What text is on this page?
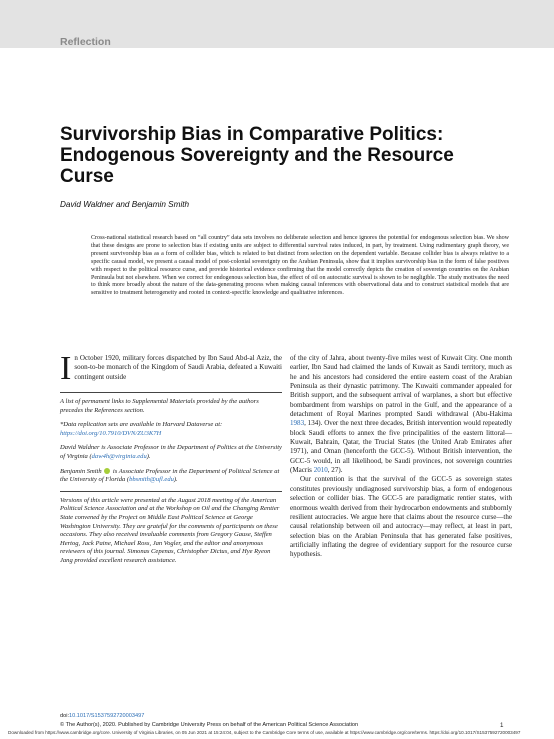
Reflection
Survivorship Bias in Comparative Politics: Endogenous Sovereignty and the Resource Curse
David Waldner and Benjamin Smith
Cross-national statistical research based on “all country” data sets involves no deliberate selection and hence ignores the potential for endogenous selection bias. We show that these designs are prone to selection bias if existing units are subject to differential survival rates induced, in part, by treatment. Using rudimentary graph theory, we present survivorship bias as a form of collider bias, which is related to but distinct from selection on the dependent variable. Because collider bias is always relative to a specific causal model, we present a causal model of post-colonial sovereignty on the Arabian Peninsula, show that it implies survivorship bias in the form of false positives with respect to the political resource curse, and provide historical evidence confirming that the model correctly depicts the creation of sovereign countries on the Arabian Peninsula but not elsewhere. When we correct for endogenous selection bias, the effect of oil on autocratic survival is shown to be negligible. The study motivates the need to think more broadly about the nature of the data-generating process when making causal inferences with observational data and to construct statistical models that are sensitive to treatment heterogeneity and rooted in context-specific knowledge and qualitative inferences.
In October 1920, military forces dispatched by Ibn Saud Abd-al Aziz, the soon-to-be monarch of the Kingdom of Saudi Arabia, defeated a Kuwaiti contingent outside

A list of permanent links to Supplemental Materials provided by the authors precedes the References section.

*Data replication sets are available in Harvard Dataverse at: https://doi.org/10.7910/DVN/ZU3K7H

David Waldner is Associate Professor in the Department of Politics at the University of Virginia (daw4h@virginia.edu).

Benjamin Smith  is Associate Professor in the Department of Political Science at the University of Florida (bbsmith@ufl.edu).

Versions of this article were presented at the August 2018 meeting of the American Political Science Association and at the Workshop on Oil and the Changing Rentier State convened by the Project on Middle East Political Science at George Washington University. They are grateful for the comments of participants on these occasions. They also received invaluable comments from Gregory Gause, Steffen Hertog, Jack Paine, Michael Ross, Jan Vogler, and the editor and anonymous reviewers of this journal. Simonas Cepenas, Christopher Dictus, and Hye Ryeon Jang provided excellent research assistance.

of the city of Jahra, about twenty-five miles west of Kuwait City. One month earlier, Ibn Saud had claimed the lands of Kuwait as Saudi territory, much as he and his ancestors had considered the entire eastern coast of the Arabian Peninsula as their dynastic patrimony. The Kuwaiti commander appealed for British support, and the subsequent arrival of warplanes, a short but effective bombardment from warships on patrol in the Gulf, and the appearance of a detachment of Royal Marines prompted Saudi withdrawal (Abu-Hakima 1983, 134). Over the next three decades, British intervention would repeatedly block Saudi efforts to annex the five principalities of the eastern littoral—Kuwait, Bahrain, Qatar, the Trucial States (the United Arab Emirates after 1971), and Oman (henceforth the GCC-5). Without British intervention, the GCC-5 would, in all likelihood, be Saudi provinces, not sovereign countries (Macris 2010, 27).

Our contention is that the survival of the GCC-5 as sovereign states constitutes previously undiagnosed survivorship bias, a form of endogenous selection or collider bias. The GCC-5 are paradigmatic rentier states, with enormous wealth derived from their hydrocarbon endowments and stubbornly resilient autocracies. We argue here that claims about the resource curse—the causal relationship between oil and autocracy—may reflect, at least in part, selection bias on the Arabian Peninsula that has generated false positives, artificially inflating the degree of evidentiary support for the resource curse hypothesis.

doi:10.1017/S1537592720003497
© The Author(s), 2020. Published by Cambridge University Press on behalf of the American Political Science Association	1
Downloaded from https://www.cambridge.org/core. University of Virginia Libraries, on 05 Jun 2021 at 15:24:04, subject to the Cambridge Core terms of use, available at https://www.cambridge.org/core/terms. https://doi.org/10.1017/S1537592720003497
